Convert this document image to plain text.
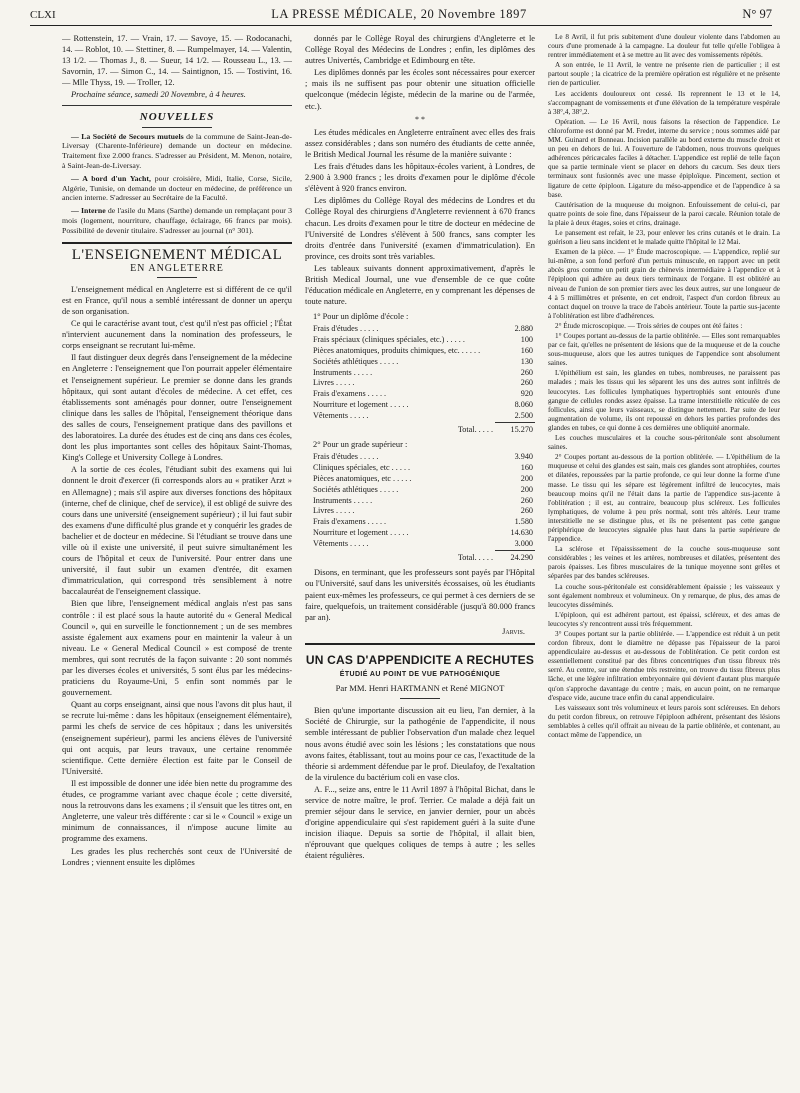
CLXI	LA PRESSE MÉDICALE, 20 Novembre 1897	N° 97

— Rottenstein, 17. — Vrain, 17. — Savoye, 15. — Rodocanachi, 14. — Roblot, 10. — Stettiner, 8. — Rumpelmayer, 14. — Valentin, 13 1/2. — Thomas J., 8. — Sueur, 14 1/2. — Rousseau L., 13. — Savornin, 17. — Simon C., 14. — Saintignon, 15. — Tostivint, 16. — Mlle Thyss, 19. — Troller, 12.

Prochaine séance, samedi 20 Novembre, à 4 heures.

NOUVELLES

— La Société de Secours mutuels de la commune de Saint-Jean-de-Liversay (Charente-Inférieure) demande un docteur en médecine. Traitement fixe 2.000 francs. S'adresser au Président, M. Menon, notaire, à Saint-Jean-de-Liversay.

— A bord d'un Yacht, pour croisière, Midi, Italie, Corse, Sicile, Algérie, Tunisie, on demande un docteur en médecine, de préférence un ancien interne. S'adresser au Secrétaire de la Faculté.

— Interne de l'asile du Mans (Sarthe) demande un remplaçant pour 3 mois (logement, nourriture, chauffage, éclairage, 66 francs par mois). Possibilité de devenir titulaire. S'adresser au journal (n° 301).

L'ENSEIGNEMENT MÉDICAL
EN ANGLETERRE

L'enseignement médical en Angleterre est si différent de ce qu'il est en France, qu'il nous a semblé intéressant de donner un aperçu de son organisation.

Ce qui le caractérise avant tout, c'est qu'il n'est pas officiel ; l'État n'intervient aucunement dans la nomination des professeurs, le corps enseignant se recrutant lui-même.

Il faut distinguer deux degrés dans l'enseignement de la médecine en Angleterre : l'enseignement que l'on pourrait appeler élémentaire et l'enseignement supérieur. Le premier se donne dans les grands hôpitaux, qui sont autant d'écoles de médecine. A cet effet, ces établissements sont aménagés pour donner, outre l'enseignement clinique dans les salles de l'hôpital, l'enseignement théorique dans des salles de cours, l'enseignement pratique dans des pavillons et des laboratoires. La durée des études est de cinq ans dans ces écoles, dont les plus importantes sont celles des hôpitaux Saint-Thomas, King's College et University College à Londres.

A la sortie de ces écoles, l'étudiant subit des examens qui lui donnent le droit d'exercer (fi corresponds alors au « pratiker Arzt » en Allemagne) ; mais s'il aspire aux diverses fonctions des hôpitaux (interne, chef de clinique, chef de service), il est obligé de suivre des cours dans une université (enseignement supérieur) ; il lui faut subir des examens d'une difficulté plus grande et y conquérir les grades de bachelier et de docteur en médecine. Si l'étudiant se trouve dans une ville où il existe une université, il peut suivre simultanément les cours de l'hôpital et ceux de l'université. Pour entrer dans une université, il faut subir un examen d'entrée, dit examen d'immatriculation, qui correspond très sensiblement à notre baccalauréat de l'enseignement classique.

Bien que libre, l'enseignement médical anglais n'est pas sans contrôle : il est placé sous la haute autorité du « General Medical Council », qui en surveille le fonctionnement ; un de ses membres assiste également aux examens pour en maintenir la valeur à un niveau. Le « General Medical Council » est composé de trente membres, qui sont recrutés de la façon suivante : 20 sont nommés par les diverses écoles et universités, 5 sont élus par les médecins-praticiens du Royaume-Uni, 5 enfin sont nommés par le gouvernement.

Quant au corps enseignant, ainsi que nous l'avons dit plus haut, il se recrute lui-même : dans les hôpitaux (enseignement élémentaire), parmi les chefs de service de ces hôpitaux ; dans les universités (enseignement supérieur), parmi les anciens élèves de l'université qui ont acquis, par leurs travaux, une certaine renommée scientifique. Cette dernière élection est faite par le Conseil de l'Université.

Il est impossible de donner une idée bien nette du programme des études, ce programme variant avec chaque école ; cette diversité, nous la retrouvons dans les examens ; il s'ensuit que les titres ont, en Angleterre, une valeur très différente : car si le « Council » exige un minimum de connaissances, il n'impose aucune limite au programme des examens.

Les grades les plus recherchés sont ceux de l'Université de Londres ; viennent ensuite les diplômes

donnés par le Collège Royal des chirurgiens d'Angleterre et le Collège Royal des Médecins de Londres ; enfin, les diplômes des autres Univertés, Cambridge et Edimbourg en tête.

Les diplômes donnés par les écoles sont nécessaires pour exercer ; mais ils ne suffisent pas pour obtenir une situation officielle quelconque (médecin légiste, médecin de la marine ou de l'armée, etc.).

* *

Les études médicales en Angleterre entraînent avec elles des frais assez considérables ; dans son numéro des étudiants de cette année, le British Medical Journal les résume de la manière suivante :

Les frais d'études dans les hôpitaux-écoles varient, à Londres, de 2.900 à 3.900 francs ; les droits d'examen pour le diplôme d'école s'élèvent à 920 francs environ.

Les diplômes du Collège Royal des médecins de Londres et du Collège Royal des chirurgiens d'Angleterre reviennent à 670 francs chacun. Les droits d'examen pour le titre de docteur en médecine de l'Université de Londres s'élèvent à 500 francs, sans compter les droits d'entrée dans l'université (examen d'immatriculation). En province, ces droits sont très variables.

Les tableaux suivants donnent approximativement, d'après le British Medical Journal, une vue d'ensemble de ce que coûte l'éducation médicale en Angleterre, en y comprenant les dépenses de toute nature.

1° Pour un diplôme d'école :

Frais d'études . . . . .	2.880
Frais spéciaux (cliniques spéciales, etc.) . . . . .	100
Pièces anatomiques, produits chimiques, etc. . . . . .	160
Sociétés athlétiques . . . . .	130
Instruments . . . . .	260
Livres . . . . .	260
Frais d'examens . . . . .	920
Nourriture et logement . . . . .	8.060
Vêtements . . . . .	2.500
Total. . . . .	15.270

2° Pour un grade supérieur :

Frais d'études . . . . .	3.940
Cliniques spéciales, etc . . . . .	160
Pièces anatomiques, etc . . . . .	200
Sociétés athlétiques . . . . .	200
Instruments . . . . .	260
Livres . . . . .	260
Frais d'examens . . . . .	1.580
Nourriture et logement . . . . .	14.630
Vêtements . . . . .	3.000
Total. . . . .	24.290

Disons, en terminant, que les professeurs sont payés par l'Hôpital ou l'Université, sauf dans les universités écossaises, où les étudiants paient eux-mêmes les professeurs, ce qui permet à ces derniers de se faire, quelquefois, un traitement considérable (jusqu'à 80.000 francs par an).

Jarvis.
UN CAS D'APPENDICITE A RECHUTES
ÉTUDIÉ AU POINT DE VUE PATHOGÉNIQUE
Par MM. Henri HARTMANN et René MIGNOT

Bien qu'une importante discussion ait eu lieu, l'an dernier, à la Société de Chirurgie, sur la pathogénie de l'appendicite, il nous semble intéressant de publier l'observation d'un malade chez lequel nous avons étudié avec soin les lésions ; les constatations que nous avons faites, établissant, tout au moins pour ce cas, l'exactitude de la théorie si ardemment défendue par le prof. Dieulafoy, de l'exaltation de la virulence du bactérium coli en vase clos.

A. F..., seize ans, entre le 11 Avril 1897 à l'hôpital Bichat, dans le service de notre maître, le prof. Terrier. Ce malade a déjà fait un premier séjour dans le service, en janvier dernier, pour un abcès d'origine appendiculaire qui s'est rapidement guéri à la suite d'une incision iliaque. Depuis sa sortie de l'hôpital, il allait bien, n'éprouvant que quelques coliques de temps à autre ; les selles étaient régulières.

Le 8 Avril, il fut pris subitement d'une douleur violente dans l'abdomen au cours d'une promenade à la campagne. La douleur fut telle qu'elle l'obligea à rentrer immédiatement et à se mettre au lit avec des vomissements répétés.

A son entrée, le 11 Avril, le ventre ne présente rien de particulier ; il est partout souple ; la cicatrice de la première opération est régulière et ne présente rien de particulier.

Les accidents douloureux ont cessé. Ils reprennent le 13 et le 14, s'accompagnant de vomissements et d'une élévation de la température vespérale à 38°,4, 38°,2.

Opération. — Le 16 Avril, nous faisons la résection de l'appendice. Le chloroforme est donné par M. Fredet, interne du service ; nous sommes aidé par MM. Guinard et Bonneau. Incision parallèle au bord externe du muscle droit et un peu en dehors de lui. A l'ouverture de l'abdomen, nous trouvons quelques adhérences péricæcales faciles à détacher. L'appendice est replié de telle façon que sa partie terminale vient se placer en dehors du cæcum. Ses deux tiers terminaux sont fusionnés avec une masse épiploïque. Pincement, section et ligature de cette épiploon. Ligature du méso-appendice et de l'appendice à sa base.

Cautérisation de la muqueuse du moignon. Enfouissement de celui-ci, par quatre points de soie fine, dans l'épaisseur de la paroi cæcale. Réunion totale de la plaie à deux étages, soies et crins, drainage.

Le pansement est refait, le 23, pour enlever les crins cutanés et le drain. La guérison a lieu sans incident et le malade quitte l'hôpital le 12 Mai.

Examen de la pièce. — 1° Étude macroscopique. — L'appendice, replié sur lui-même, a son fond perforé d'un pertuis minuscule, en rapport avec un petit abcès gros comme un petit grain de chènevis intermédiaire à l'appendice et à l'épiploon qui adhère au deux tiers terminaux de l'organe. Il est oblitéré au niveau de l'union de son premier tiers avec les deux autres, sur une longueur de 4 à 5 millimètres et présente, en cet endroit, l'aspect d'un cordon fibreux au contact duquel on trouve la trace de l'abcès antérieur. Toute la partie sus-jacente à l'oblitération est libre d'adhérences.

2° Étude microscopique. — Trois séries de coupes ont été faites :

1° Coupes portant au-dessus de la partie oblitérée. — Elles sont remarquables par ce fait, qu'elles ne présentent de lésions que de la muqueuse et de la couche sous-muqueuse, alors que les autres tuniques de l'appendice sont absolument saines.

L'épithélium est sain, les glandes en tubes, nombreuses, ne paraissent pas malades ; mais les tissus qui les séparent les uns des autres sont infiltrés de leucocytes. Les follicules lymphatiques hypertrophiés sont entourés d'une gangue de cellules rondes assez épaisse. La trame interstitielle réticulée de ces follicules, ainsi que leurs vaisseaux, se distingue nettement. Par suite de leur augmentation de volume, ils ont repoussé en dehors les parties profondes des glandes en tubes, ce qui donne à ces dernières une obliquité anormale.

Les couches musculaires et la couche sous-péritonéale sont absolument saines.

2° Coupes portant au-dessous de la portion oblitérée. — L'épithélium de la muqueuse et celui des glandes est sain, mais ces glandes sont atrophiées, courtes et dilatées, repoussées par la partie profonde, ce qui leur donne la forme d'une masse. Le tissu qui les sépare est légèrement infiltré de leucocytes, mais beaucoup moins qu'il ne l'était dans la partie de l'appendice sus-jacente à l'oblitération ; il est, au contraire, beaucoup plus scléreux. Les follicules lymphatiques, de volume à peu près normal, sont très altérés. Leur trame interstitielle ne se distingue plus, et ils ne présentent pas cette gangue périphérique de leucocytes signalée plus haut dans la partie supérieure de l'appendice.

La sclérose et l'épaississement de la couche sous-muqueuse sont considérables ; les veines et les artères, nombreuses et dilatées, présentent des parois épaisses. Les fibres musculaires de la tunique moyenne sont grêles et séparées par des bandes scléreuses.

La couche sous-péritonéale est considérablement épaissie ; les vaisseaux y sont également nombreux et volumineux. On y remarque, de plus, des amas de leucocytes disséminés.

L'épiploon, qui est adhérent partout, est épaissi, scléreux, et des amas de leucocytes s'y rencontrent aussi très fréquemment.

3° Coupes portant sur la partie oblitérée. — L'appendice est réduit à un petit cordon fibreux, dont le diamètre ne dépasse pas l'épaisseur de la paroi appendiculaire au-dessus et au-dessous de l'oblitération. Ce petit cordon est essentiellement constitué par des fibres concentriques d'un tissu fibreux très serré. Au centre, sur une étendue très restreinte, on trouve du tissu fibreux plus lâche, et une légère infiltration embryonnaire qui dévient d'autant plus marquée qu'on s'approche davantage du centre ; mais, en aucun point, on ne remarque d'espace vide, aucune trace enfin du canal appendiculaire.

Les vaisseaux sont très volumineux et leurs parois sont scléreuses. En dehors du petit cordon fibreux, on retrouve l'épiploon adhérent, présentant des lésions semblables à celles qu'il offrait au niveau de la partie oblitérée, et contenant, au contact même de l'appendice, un
